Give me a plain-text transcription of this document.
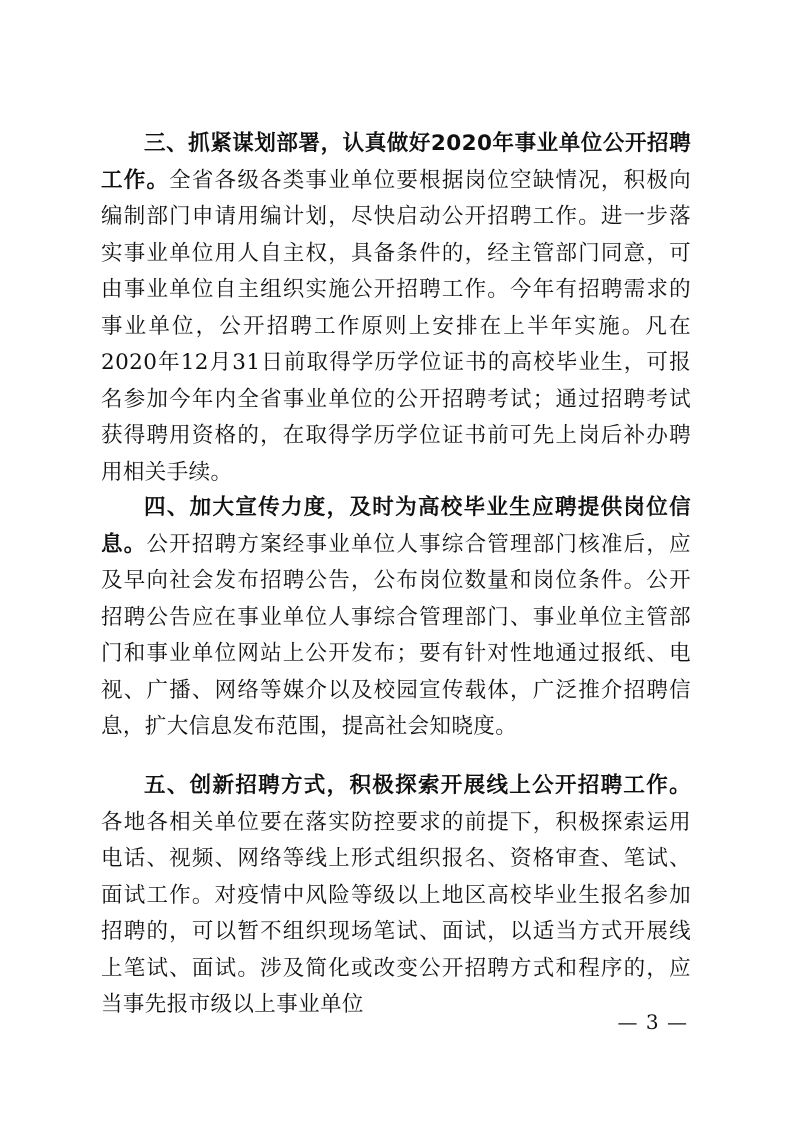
三、抓紧谋划部署，认真做好2020年事业单位公开招聘工作。全省各级各类事业单位要根据岗位空缺情况，积极向编制部门申请用编计划，尽快启动公开招聘工作。进一步落实事业单位用人自主权，具备条件的，经主管部门同意，可由事业单位自主组织实施公开招聘工作。今年有招聘需求的事业单位，公开招聘工作原则上安排在上半年实施。凡在2020年12月31日前取得学历学位证书的高校毕业生，可报名参加今年内全省事业单位的公开招聘考试；通过招聘考试获得聘用资格的，在取得学历学位证书前可先上岗后补办聘用相关手续。

四、加大宣传力度，及时为高校毕业生应聘提供岗位信息。公开招聘方案经事业单位人事综合管理部门核准后，应及早向社会发布招聘公告，公布岗位数量和岗位条件。公开招聘公告应在事业单位人事综合管理部门、事业单位主管部门和事业单位网站上公开发布；要有针对性地通过报纸、电视、广播、网络等媒介以及校园宣传载体，广泛推介招聘信息，扩大信息发布范围，提高社会知晓度。

五、创新招聘方式，积极探索开展线上公开招聘工作。各地各相关单位要在落实防控要求的前提下，积极探索运用电话、视频、网络等线上形式组织报名、资格审查、笔试、面试工作。对疫情中风险等级以上地区高校毕业生报名参加招聘的，可以暂不组织现场笔试、面试，以适当方式开展线上笔试、面试。涉及简化或改变公开招聘方式和程序的，应当事先报市级以上事业单位

— 3 —
